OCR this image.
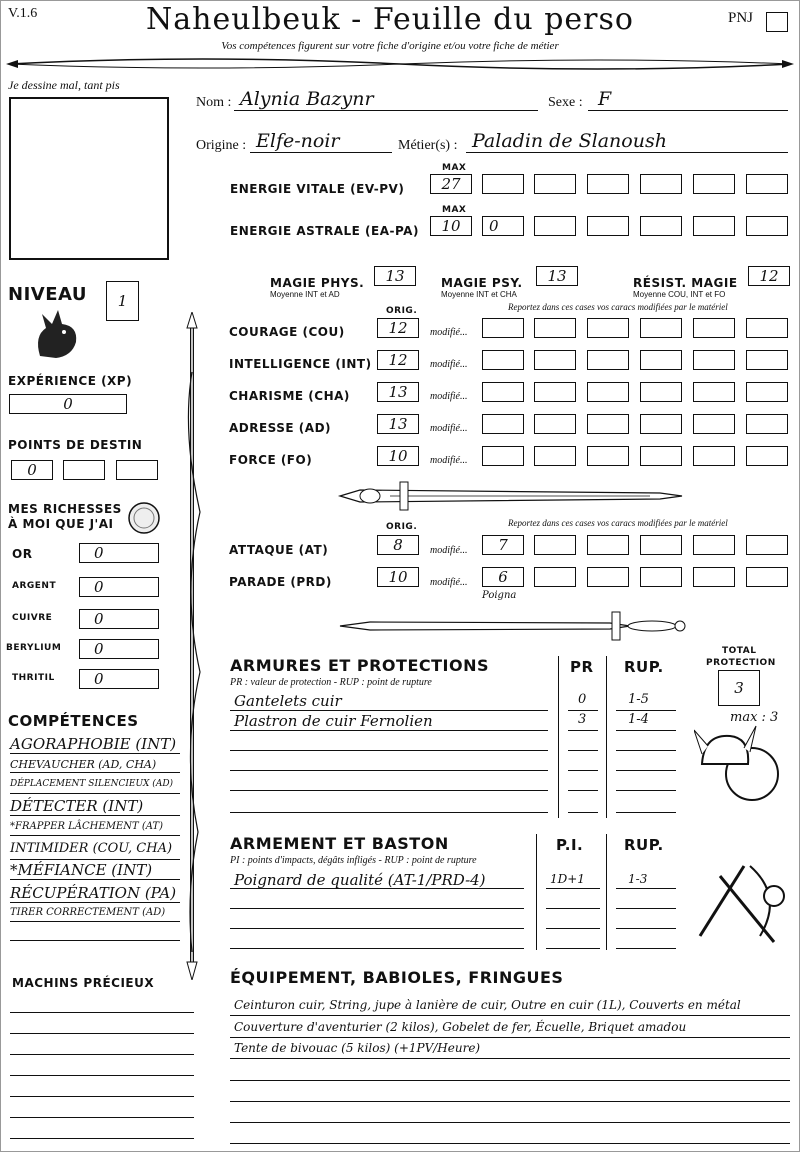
V.1.6	Naheulbeuk - Feuille du perso
Vos compétences figurent sur votre fiche d'origine et/ou votre fiche de métier
PNJ
Je dessine mal, tant pis
Nom : Alynia Bazynr	Sexe : F
Origine : Elfe-noir	Métier(s) : Paladin de Slanoush
MAX
ENERGIE VITALE (EV-PV)	27
MAX
ENERGIE ASTRALE (EA-PA)	10	0
MAGIE PHYS.
Moyenne INT et AD
13	MAGIE PSY.
Moyenne INT et CHA
13	RÉSIST. MAGIE
Moyenne COU, INT et FO
12
ORIG.	Reportez dans ces cases vos caracs modifiées par le matériel
ORIG.	Reportez dans ces cases vos caracs modifiées par le matériel
ATTAQUE (AT)	8	modifié...	7
PARADE (PRD)	10	modifié...	6
Poigna
NIVEAU	1
EXPÉRIENCE (XP)
0
POINTS DE DESTIN
0
MES RICHESSES
À MOI QUE J'AI
COMPÉTENCES
MACHINS PRÉCIEUX
ARMURES ET PROTECTIONS
PR : valeur de protection - RUP : point de rupture
PR RUP.
TOTAL
PROTECTION
3
max : 3
ARMEMENT ET BASTON
PI : points d'impacts, dégâts infligés - RUP : point de rupture
P.I.	RUP.
ÉQUIPEMENT, BABIOLES, FRINGUES
COURAGE (COU)	12	modifié...
INTELLIGENCE (INT)	12	modifié...
CHARISME (CHA)	13	modifié...
ADRESSE (AD)	13	modifié...
FORCE (FO)	10	modifié...
OR	0
ARGENT	0
CUIVRE	0
BERYLIUM	0
THRITIL	0
AGORAPHOBIE (INT)
CHEVAUCHER (AD, CHA)
DÉPLACEMENT SILENCIEUX (AD)
DÉTECTER (INT)
*FRAPPER LÂCHEMENT (AT)
INTIMIDER (COU, CHA)
*MÉFIANCE (INT)
RÉCUPÉRATION (PA)
TIRER CORRECTEMENT (AD)
Gantelets cuir	0	1-5
Plastron de cuir Fernolien	3	1-4
Poignard de qualité (AT-1/PRD-4)	1D+1	1-3
Ceinturon cuir, String, jupe à lanière de cuir, Outre en cuir (1L), Couverts en métal
Couverture d'aventurier (2 kilos), Gobelet de fer, Écuelle, Briquet amadou
Tente de bivouac (5 kilos) (+1PV/Heure)
